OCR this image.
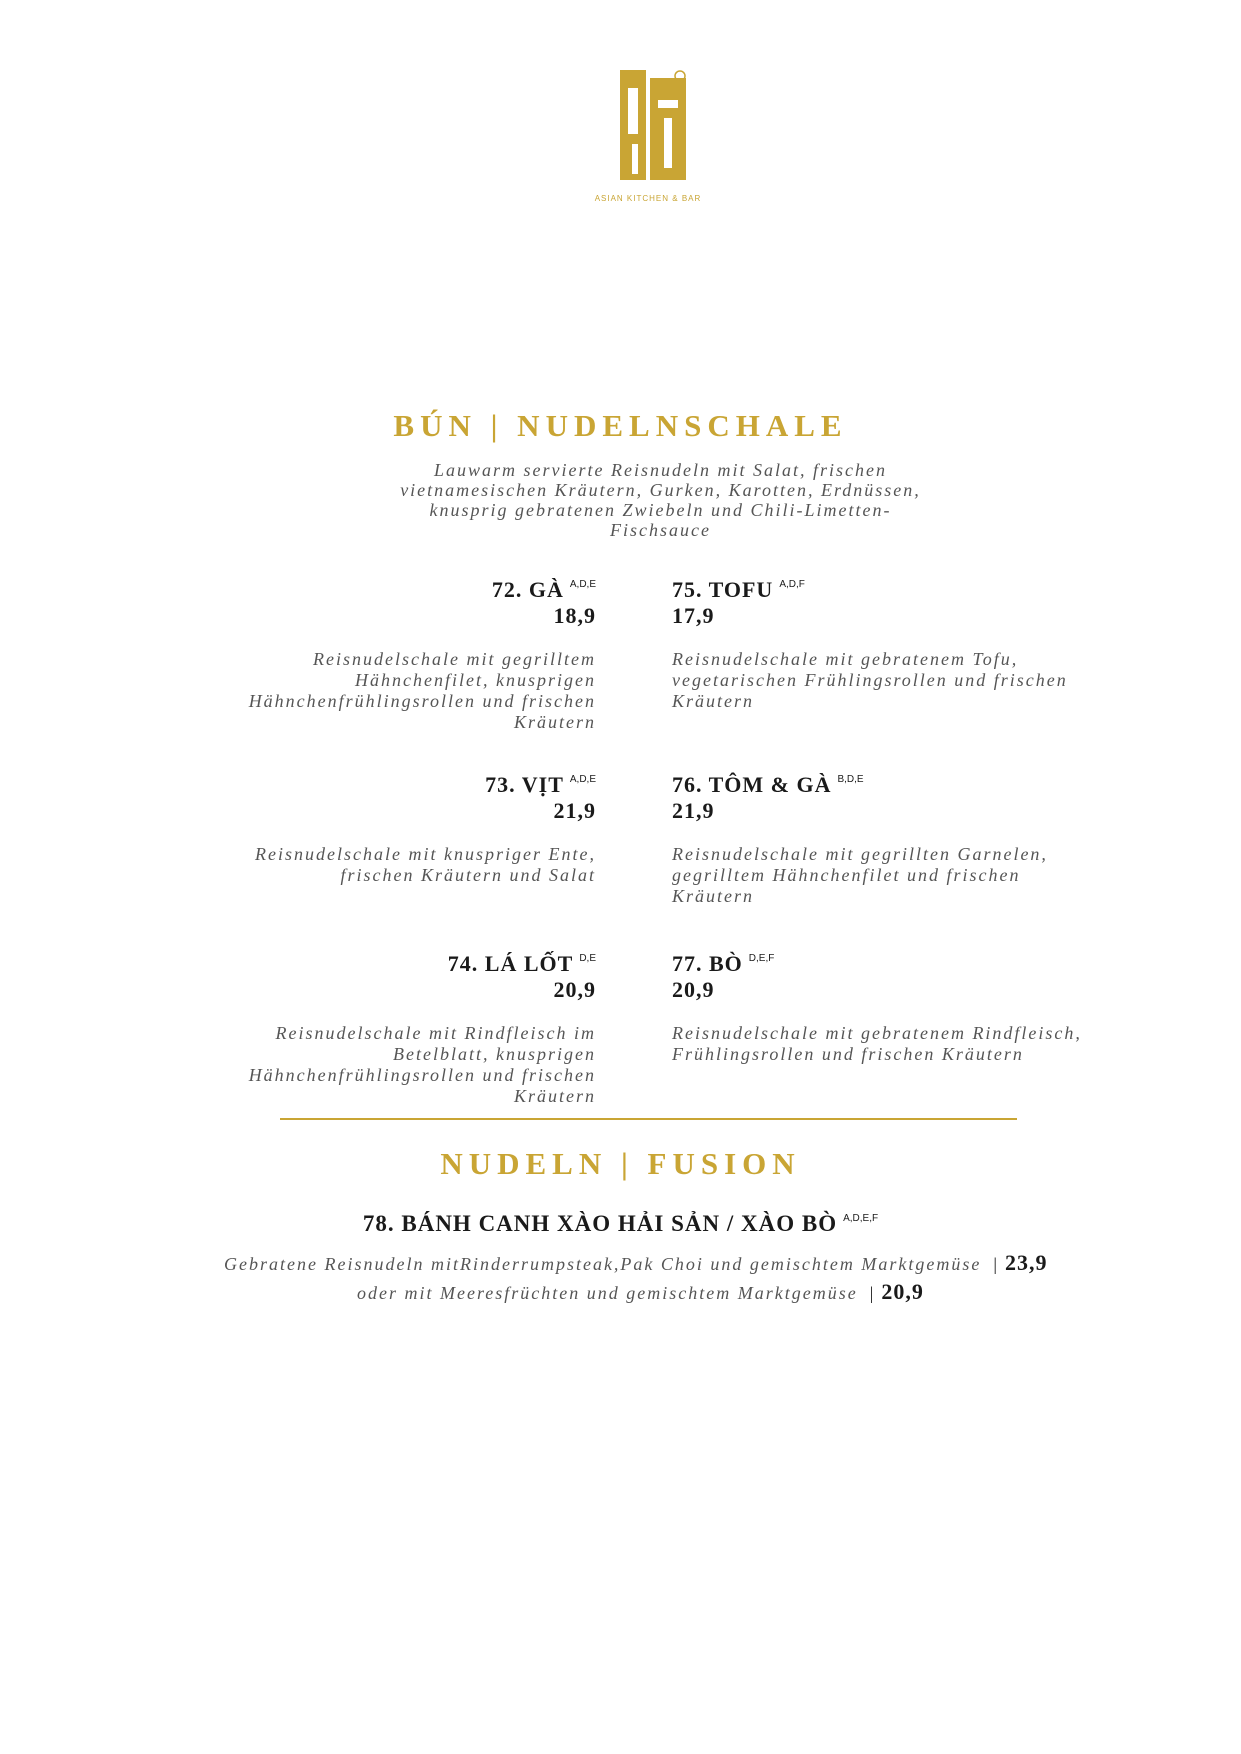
ASIAN KITCHEN & BAR
BÚN | NUDELNSCHALE
Lauwarm servierte Reisnudeln mit Salat, frischen vietnamesischen Kräutern, Gurken, Karotten, Erdnüssen, knusprig gebratenen Zwiebeln und Chili-Limetten-Fischsauce
72. GÀ $^{A,D,E}$
18,9
Reisnudelschale mit gegrilltem Hähnchenfilet, knusprigen Hähnchenfrühlingsrollen und frischen Kräutern
75. TOFU $^{A,D,F}$
17,9
Reisnudelschale mit gebratenem Tofu, vegetarischen Frühlingsrollen und frischen Kräutern
73. VỊT $^{A,D,E}$
21,9
Reisnudelschale mit knuspriger Ente, frischen Kräutern und Salat
76. TÔM & GÀ $^{B,D,E}$
21,9
Reisnudelschale mit gegrillten Garnelen, gegrilltem Hähnchenfilet und frischen Kräutern
74. LÁ LỐT $^{D,E}$
20,9
Reisnudelschale mit Rindfleisch im Betelblatt, knusprigen Hähnchenfrühlingsrollen und frischen Kräutern
77. BÒ $^{D,E,F}$
20,9
Reisnudelschale mit gebratenem Rindfleisch, Frühlingsrollen und frischen Kräutern
NUDELN | FUSION
78. BÁNH CANH XÀO HẢI SẢN / XÀO BÒ $^{A,D,E,F}$
Gebratene Reisnudeln mitRinderrumpsteak,Pak Choi und gemischtem Marktgemüse | 23,9
oder mit Meeresfrüchten und gemischtem Marktgemüse | 20,9
